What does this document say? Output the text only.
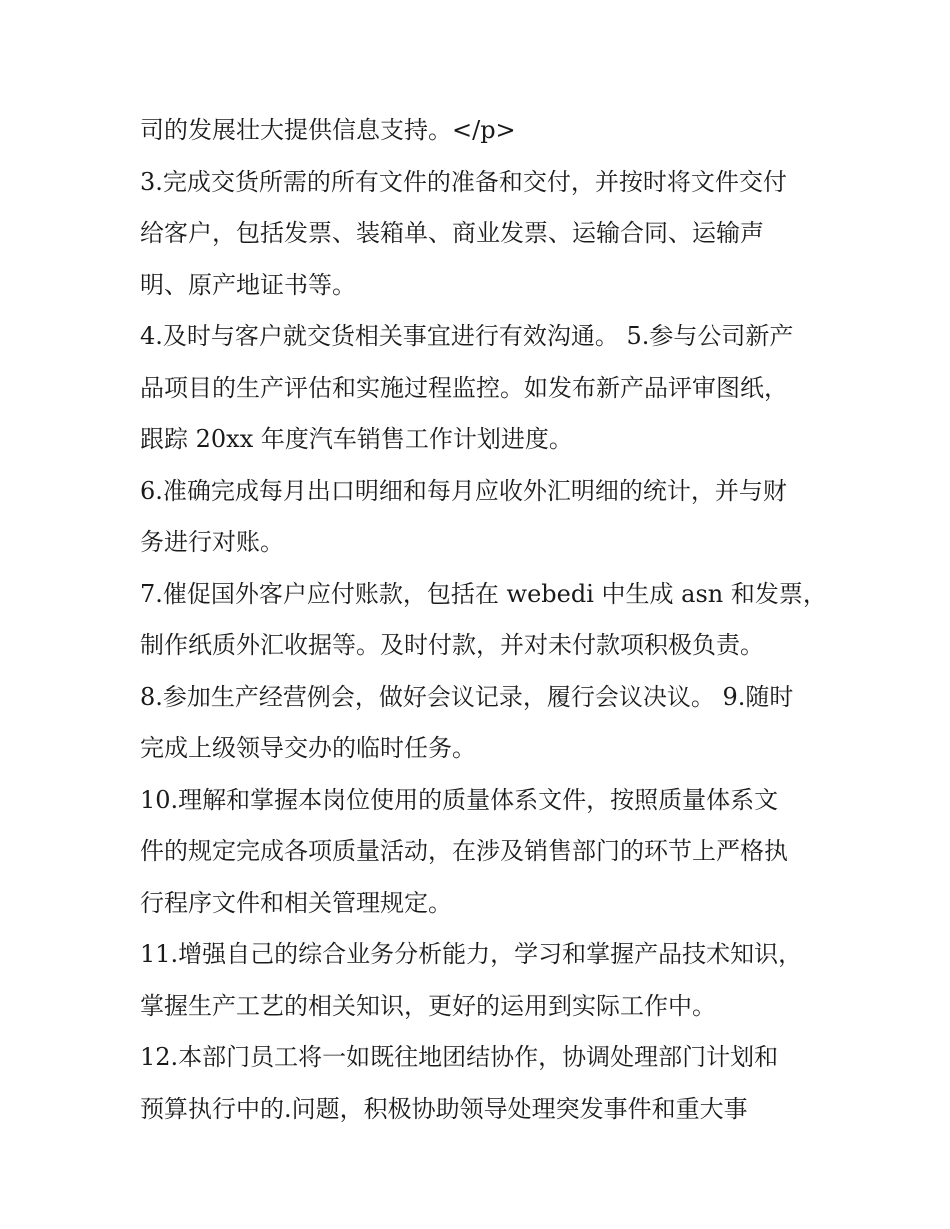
司的发展壮大提供信息支持。</p>
3.完成交货所需的所有文件的准备和交付，并按时将文件交付
给客户，包括发票、装箱单、商业发票、运输合同、运输声
明、原产地证书等。
4.及时与客户就交货相关事宜进行有效沟通。 5.参与公司新产
品项目的生产评估和实施过程监控。如发布新产品评审图纸，
跟踪 20xx 年度汽车销售工作计划进度。
6.准确完成每月出口明细和每月应收外汇明细的统计，并与财
务进行对账。
7.催促国外客户应付账款，包括在 webedi 中生成 asn 和发票，
制作纸质外汇收据等。及时付款，并对未付款项积极负责。
8.参加生产经营例会，做好会议记录，履行会议决议。 9.随时
完成上级领导交办的临时任务。
10.理解和掌握本岗位使用的质量体系文件，按照质量体系文
件的规定完成各项质量活动，在涉及销售部门的环节上严格执
行程序文件和相关管理规定。
11.增强自己的综合业务分析能力，学习和掌握产品技术知识，
掌握生产工艺的相关知识，更好的运用到实际工作中。
12.本部门员工将一如既往地团结协作，协调处理部门计划和
预算执行中的.问题，积极协助领导处理突发事件和重大事
